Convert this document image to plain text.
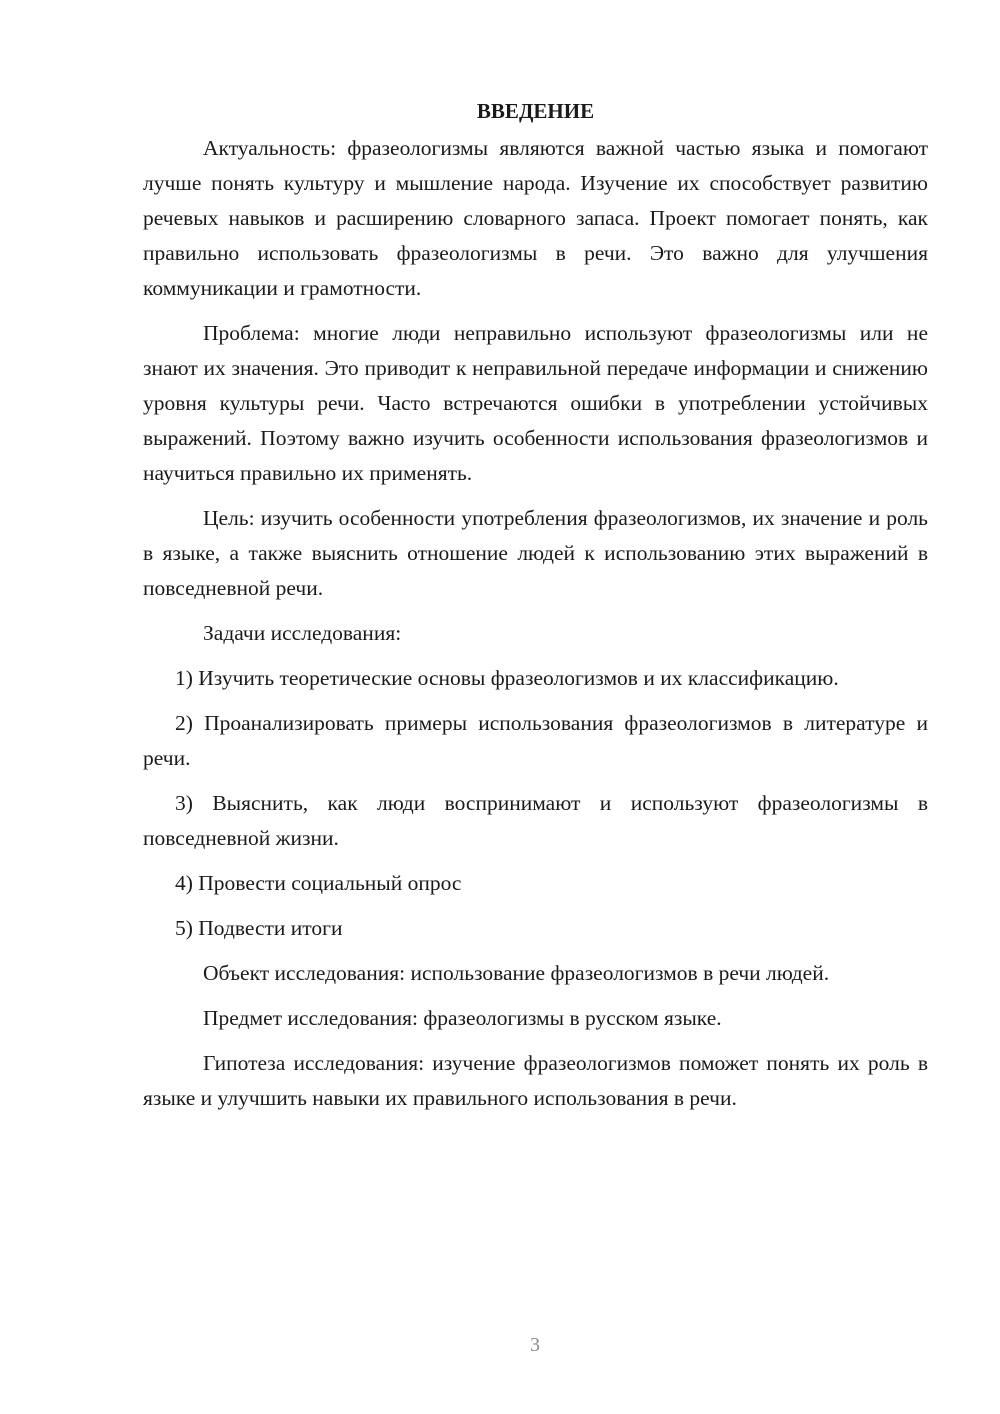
ВВЕДЕНИЕ

Актуальность: фразеологизмы являются важной частью языка и помогают лучше понять культуру и мышление народа. Изучение их способствует развитию речевых навыков и расширению словарного запаса. Проект помогает понять, как правильно использовать фразеологизмы в речи. Это важно для улучшения коммуникации и грамотности.

Проблема: многие люди неправильно используют фразеологизмы или не знают их значения. Это приводит к неправильной передаче информации и снижению уровня культуры речи. Часто встречаются ошибки в употреблении устойчивых выражений. Поэтому важно изучить особенности использования фразеологизмов и научиться правильно их применять.

Цель: изучить особенности употребления фразеологизмов, их значение и роль в языке, а также выяснить отношение людей к использованию этих выражений в повседневной речи.

Задачи исследования:

1) Изучить теоретические основы фразеологизмов и их классификацию.

2) Проанализировать примеры использования фразеологизмов в литературе и речи.

3) Выяснить, как люди воспринимают и используют фразеологизмы в повседневной жизни.

4) Провести социальный опрос

5) Подвести итоги

Объект исследования: использование фразеологизмов в речи людей.

Предмет исследования: фразеологизмы в русском языке.

Гипотеза исследования: изучение фразеологизмов поможет понять их роль в языке и улучшить навыки их правильного использования в речи.

3
